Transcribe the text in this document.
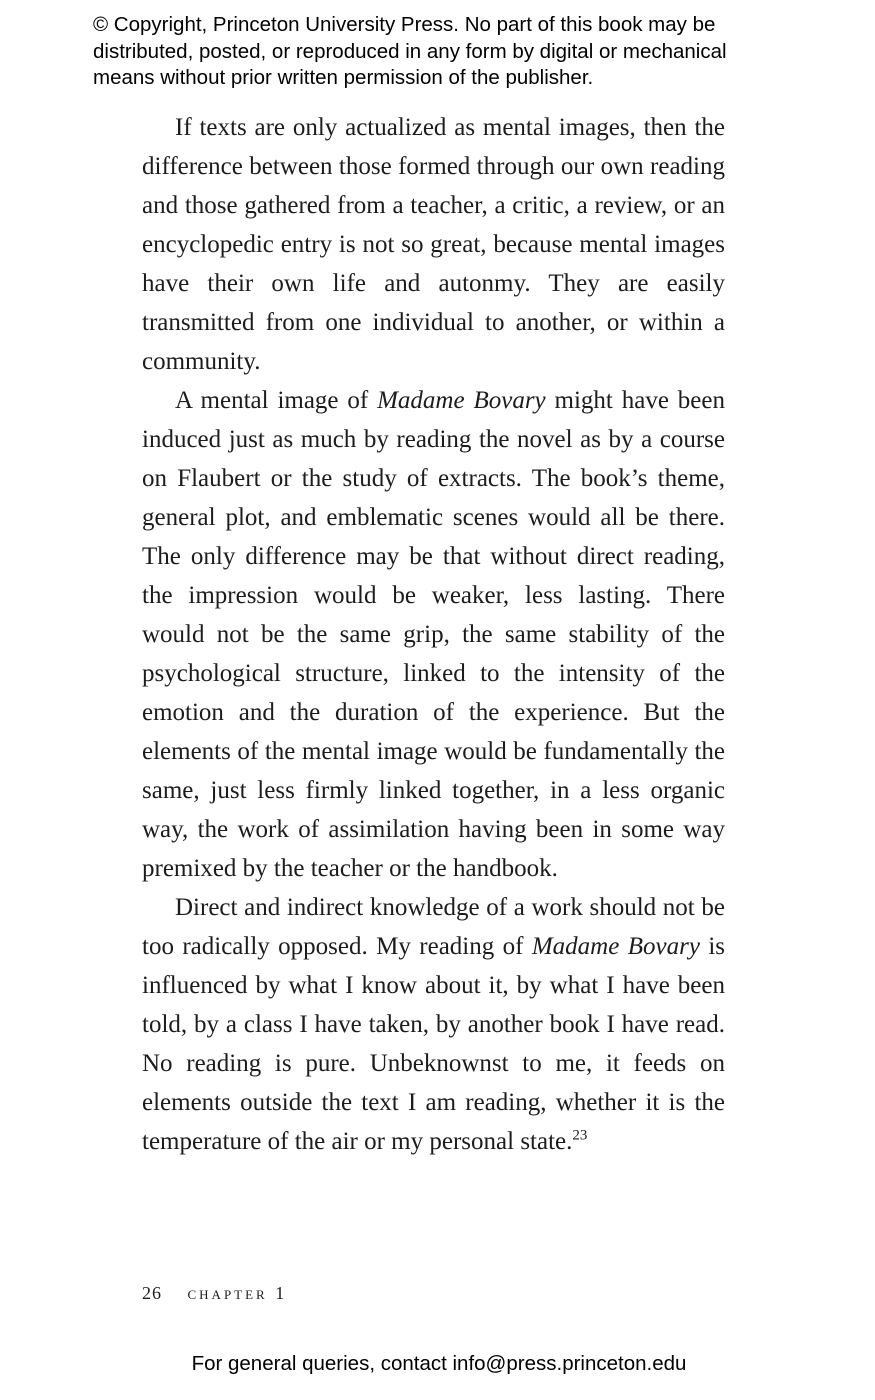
© Copyright, Princeton University Press. No part of this book may be
distributed, posted, or reproduced in any form by digital or mechanical
means without prior written permission of the publisher.

If texts are only actualized as mental images, then the difference between those formed through our own reading and those gathered from a teacher, a critic, a review, or an encyclopedic entry is not so great, because mental images have their own life and autonmy. They are easily transmitted from one individual to another, or within a community.

A mental image of Madame Bovary might have been induced just as much by reading the novel as by a course on Flaubert or the study of extracts. The book’s theme, general plot, and emblematic scenes would all be there. The only difference may be that without direct reading, the impression would be weaker, less lasting. There would not be the same grip, the same stability of the psychological structure, linked to the intensity of the emotion and the duration of the experience. But the elements of the mental image would be fundamentally the same, just less firmly linked together, in a less organic way, the work of assimilation having been in some way premixed by the teacher or the handbook.

Direct and indirect knowledge of a work should not be too radically opposed. My reading of Madame Bovary is influenced by what I know about it, by what I have been told, by a class I have taken, by another book I have read. No reading is pure. Unbeknownst to me, it feeds on elements outside the text I am reading, whether it is the temperature of the air or my personal state.$^{23}$

26 chapter 1
For general queries, contact info@press.princeton.edu
